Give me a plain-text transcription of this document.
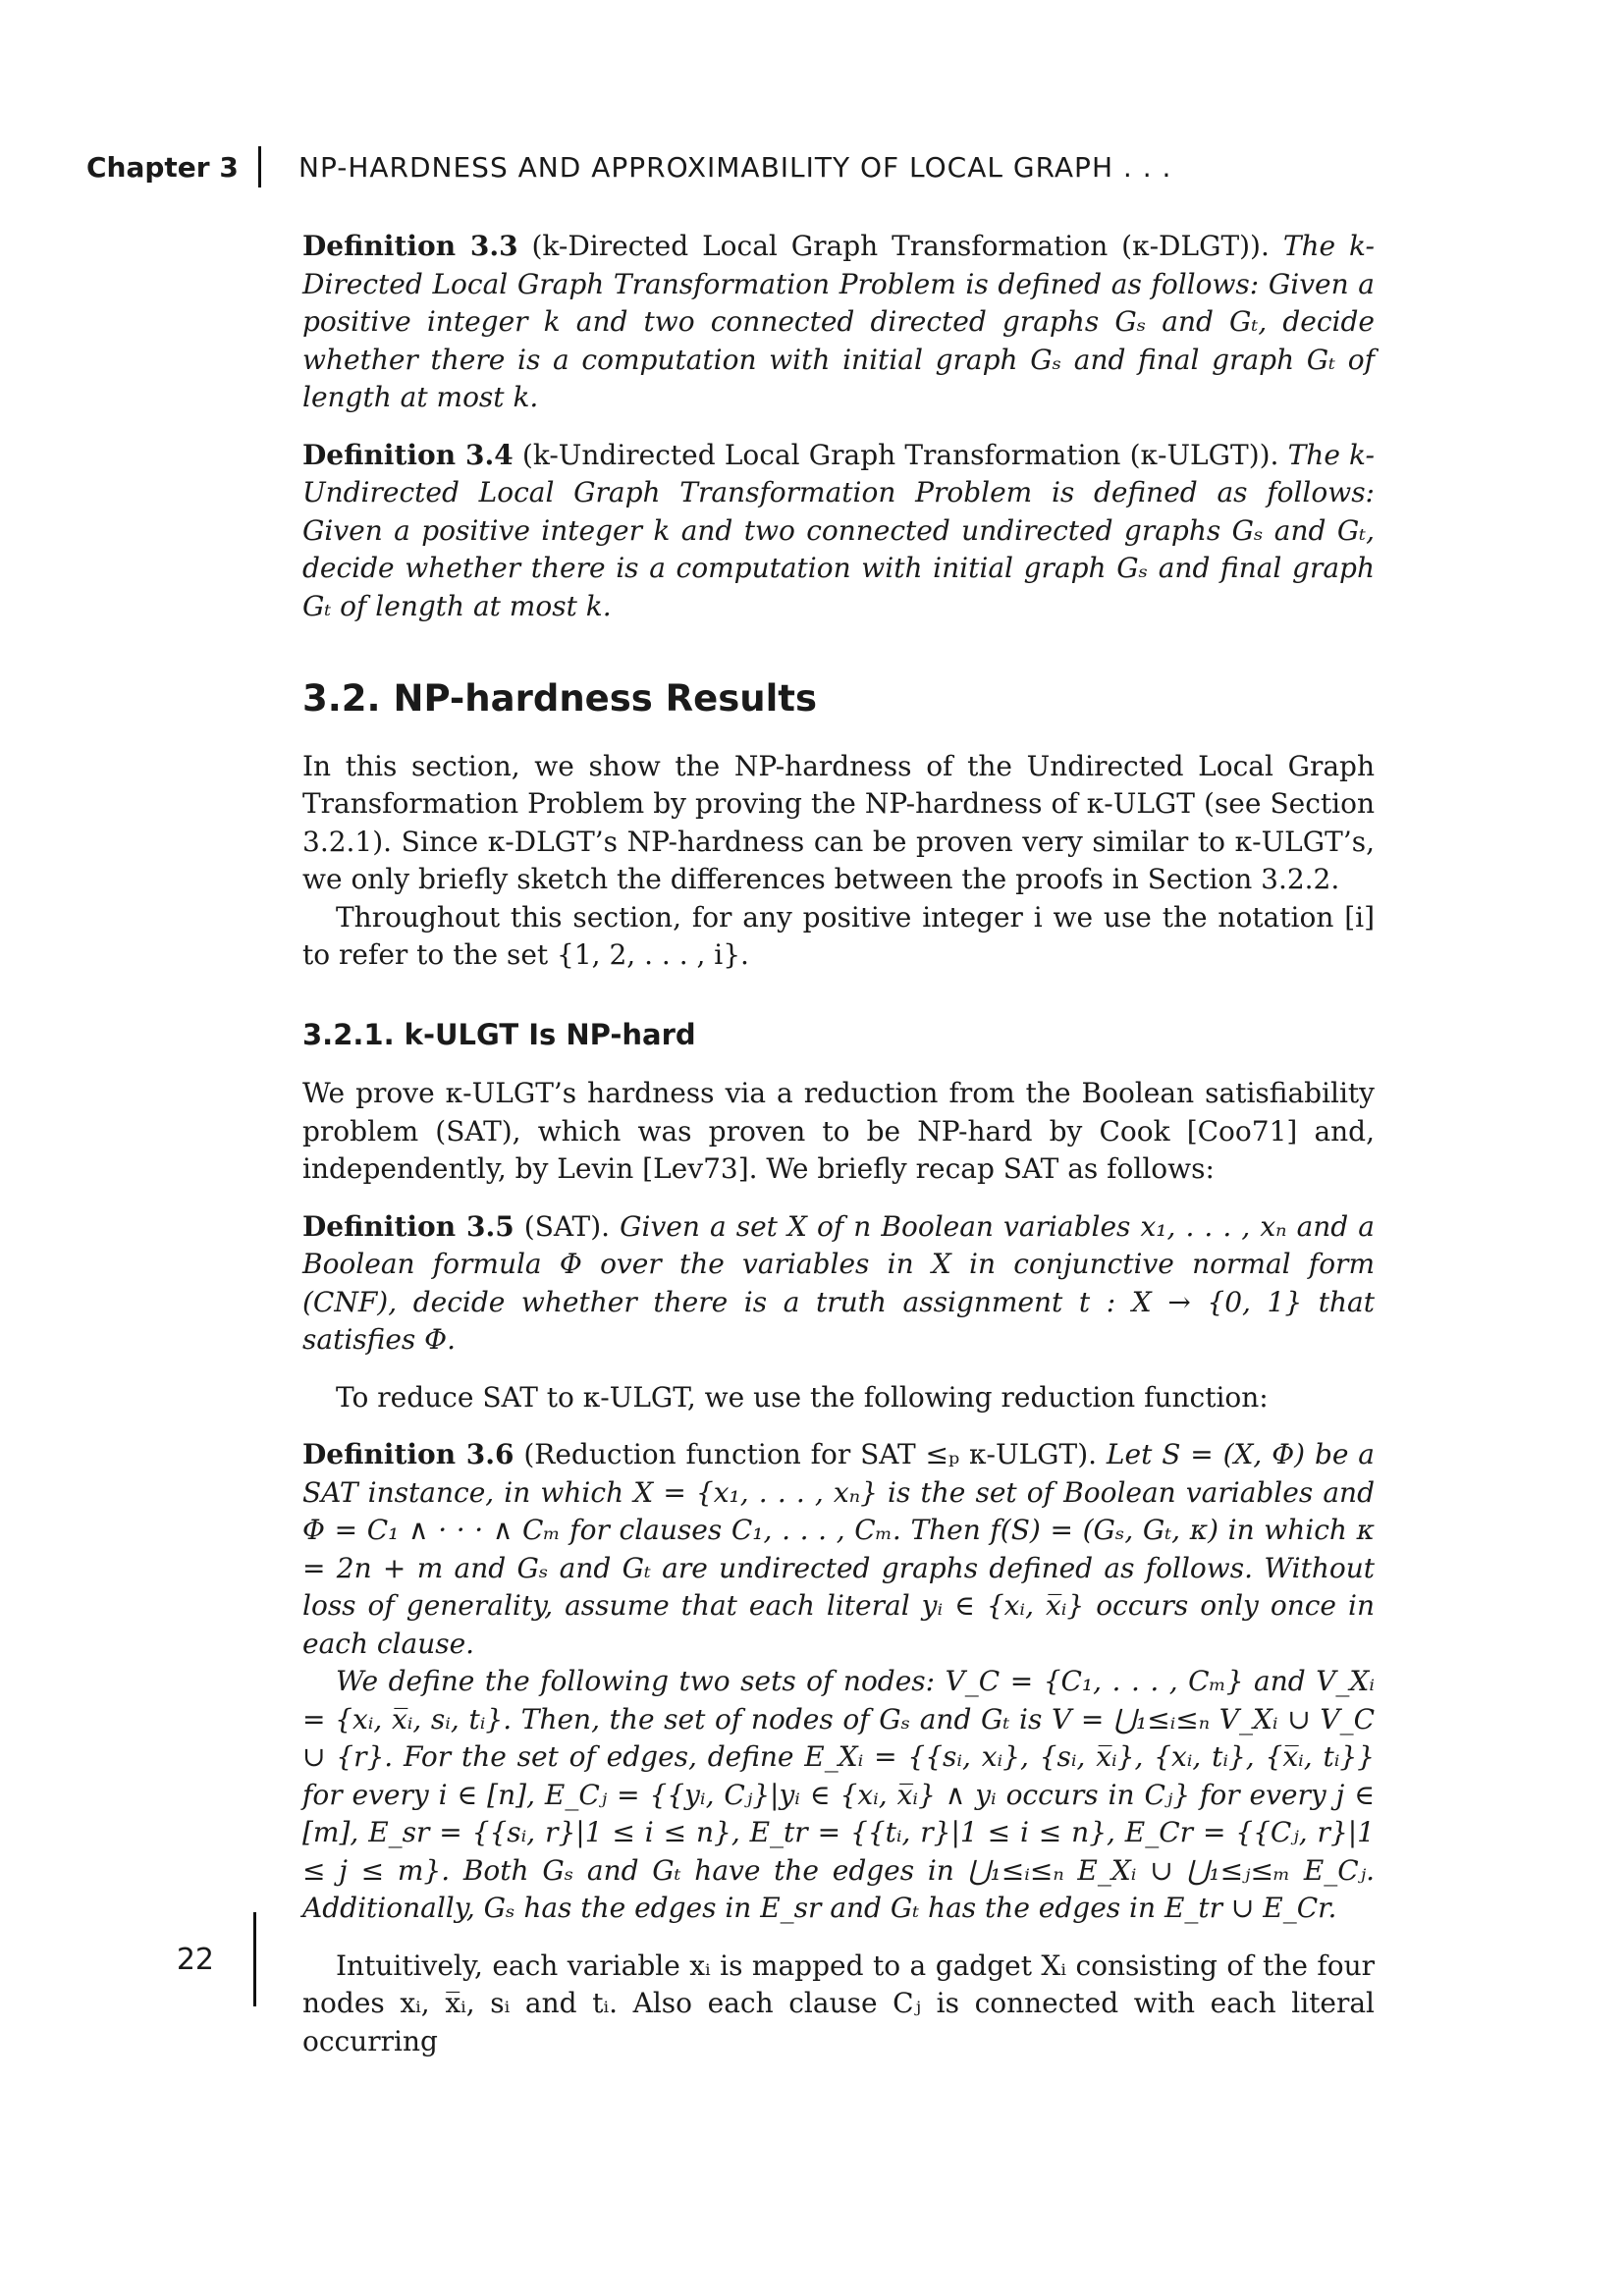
Chapter 3	NP-HARDNESS AND APPROXIMABILITY OF LOCAL GRAPH . . .

Definition 3.3 (k-Directed Local Graph Transformation (κ-DLGT)). The k-Directed Local Graph Transformation Problem is defined as follows: Given a positive integer k and two connected directed graphs Gₛ and Gₜ, decide whether there is a computation with initial graph Gₛ and final graph Gₜ of length at most k.

Definition 3.4 (k-Undirected Local Graph Transformation (κ-ULGT)). The k-Undirected Local Graph Transformation Problem is defined as follows: Given a positive integer k and two connected undirected graphs Gₛ and Gₜ, decide whether there is a computation with initial graph Gₛ and final graph Gₜ of length at most k.

3.2. NP-hardness Results

In this section, we show the NP-hardness of the Undirected Local Graph Transformation Problem by proving the NP-hardness of κ-ULGT (see Section 3.2.1). Since κ-DLGT’s NP-hardness can be proven very similar to κ-ULGT’s, we only briefly sketch the differences between the proofs in Section 3.2.2.

Throughout this section, for any positive integer i we use the notation [i] to refer to the set {1, 2, . . . , i}.

3.2.1. k-ULGT Is NP-hard

We prove κ-ULGT’s hardness via a reduction from the Boolean satisfiability problem (SAT), which was proven to be NP-hard by Cook [Coo71] and, independently, by Levin [Lev73]. We briefly recap SAT as follows:

Definition 3.5 (SAT). Given a set X of n Boolean variables x₁, . . . , xₙ and a Boolean formula Φ over the variables in X in conjunctive normal form (CNF), decide whether there is a truth assignment t : X → {0, 1} that satisfies Φ.

To reduce SAT to κ-ULGT, we use the following reduction function:

Definition 3.6 (Reduction function for SAT ≤ₚ κ-ULGT). Let S = (X, Φ) be a SAT instance, in which X = {x₁, . . . , xₙ} is the set of Boolean variables and Φ = C₁ ∧ · · · ∧ Cₘ for clauses C₁, . . . , Cₘ. Then f(S) = (Gₛ, Gₜ, κ) in which κ = 2n + m and Gₛ and Gₜ are undirected graphs defined as follows. Without loss of generality, assume that each literal yᵢ ∈ {xᵢ, x̅ᵢ} occurs only once in each clause.

We define the following two sets of nodes: V_C = {C₁, . . . , Cₘ} and V_Xᵢ = {xᵢ, x̅ᵢ, sᵢ, tᵢ}. Then, the set of nodes of Gₛ and Gₜ is V = ⋃₁≤ᵢ≤ₙ V_Xᵢ ∪ V_C ∪ {r}. For the set of edges, define E_Xᵢ = {{sᵢ, xᵢ}, {sᵢ, x̅ᵢ}, {xᵢ, tᵢ}, {x̅ᵢ, tᵢ}} for every i ∈ [n], E_Cⱼ = {{yᵢ, Cⱼ}|yᵢ ∈ {xᵢ, x̅ᵢ} ∧ yᵢ occurs in Cⱼ} for every j ∈ [m], E_sr = {{sᵢ, r}|1 ≤ i ≤ n}, E_tr = {{tᵢ, r}|1 ≤ i ≤ n}, E_Cr = {{Cⱼ, r}|1 ≤ j ≤ m}. Both Gₛ and Gₜ have the edges in ⋃₁≤ᵢ≤ₙ E_Xᵢ ∪ ⋃₁≤ⱼ≤ₘ E_Cⱼ. Additionally, Gₛ has the edges in E_sr and Gₜ has the edges in E_tr ∪ E_Cr.

Intuitively, each variable xᵢ is mapped to a gadget Xᵢ consisting of the four nodes xᵢ, x̅ᵢ, sᵢ and tᵢ. Also each clause Cⱼ is connected with each literal occurring

22
